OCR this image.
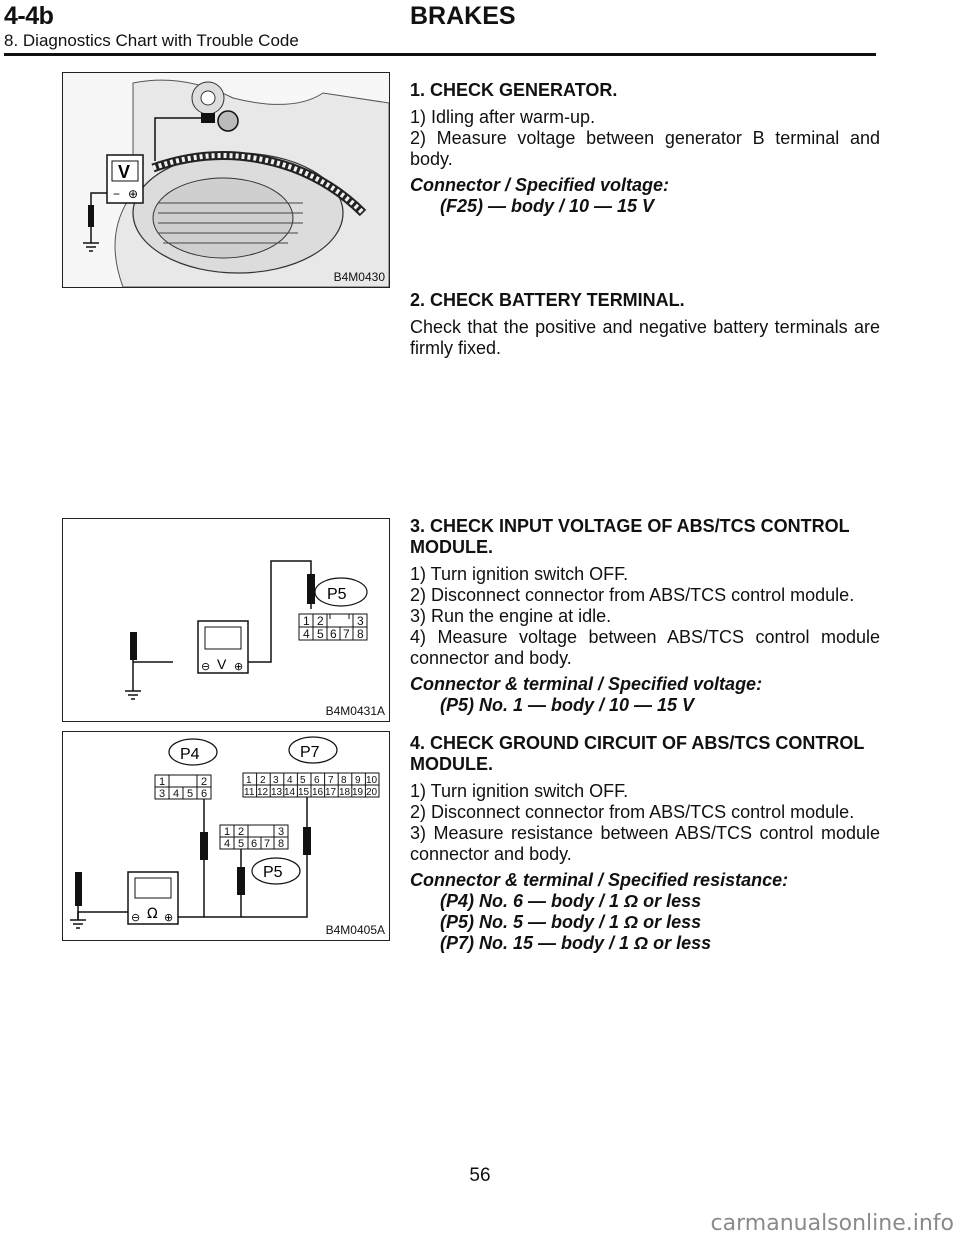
4-4b
8. Diagnostics Chart with Trouble Code
BRAKES
V
− ⊕
B4M0430
⊖ V ⊕
P5
1 2	3
4 5 6 7 8
B4M0431A
P4	P7
P5
1	2
3 4 5 6
1 2 3 4 5 6 7 8 9 10
11 12 13 14 15 16 17 18 19 20
1 2	3
4 5 6 7 8
⊖ Ω ⊕
B4M0405A

1. CHECK GENERATOR.

1) Idling after warm-up.

2) Measure voltage between generator B terminal and body.

Connector / Specified voltage:

(F25) — body / 10 — 15 V

2. CHECK BATTERY TERMINAL.

Check that the positive and negative battery terminals are firmly fixed.

3. CHECK INPUT VOLTAGE OF ABS/TCS CONTROL MODULE.

1) Turn ignition switch OFF.

2) Disconnect connector from ABS/TCS control module.

3) Run the engine at idle.

4) Measure voltage between ABS/TCS control module connector and body.

Connector & terminal / Specified voltage:

(P5) No. 1 — body / 10 — 15 V

4. CHECK GROUND CIRCUIT OF ABS/TCS CONTROL MODULE.

1) Turn ignition switch OFF.

2) Disconnect connector from ABS/TCS control module.

3) Measure resistance between ABS/TCS control module connector and body.

Connector & terminal / Specified resistance:

(P4) No. 6 — body / 1 Ω or less

(P5) No. 5 — body / 1 Ω or less

(P7) No. 15 — body / 1 Ω or less

56
carmanualsonline.info
